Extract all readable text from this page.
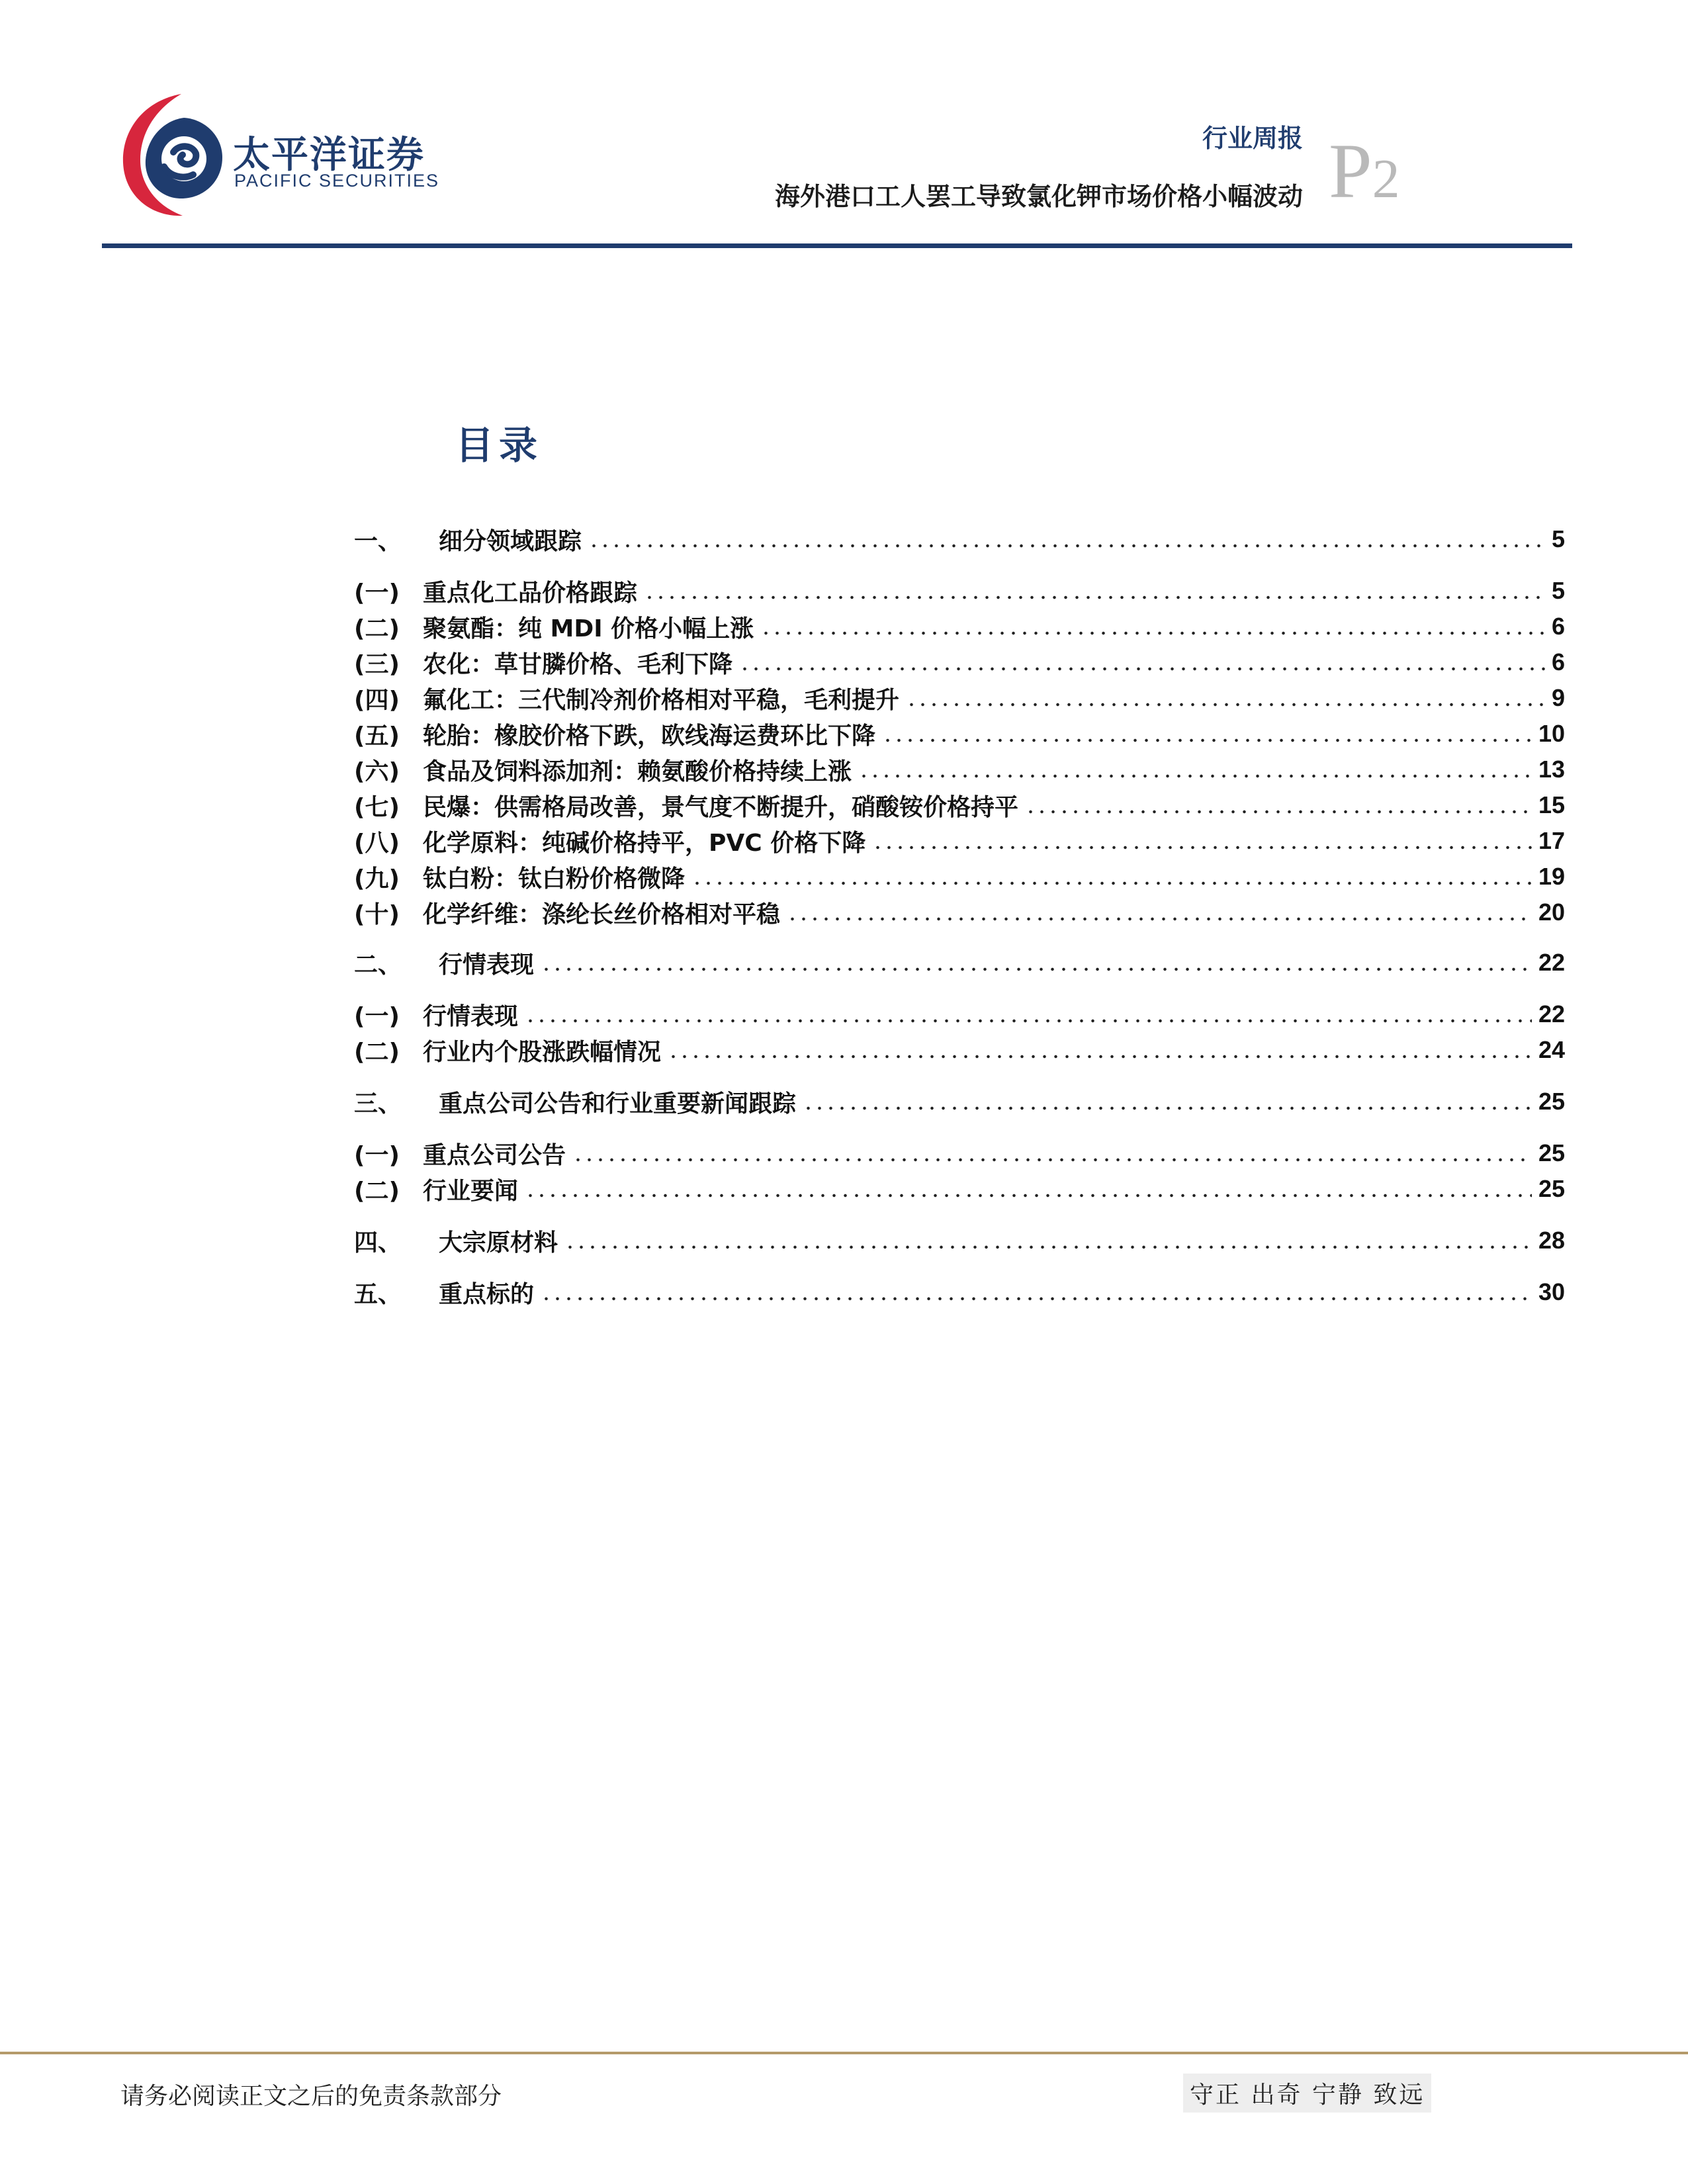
太平洋证券
PACIFIC SECURITIES
行业周报
海外港口工人罢工导致氯化钾市场价格小幅波动 P2
目录
一、	细分领域跟踪	5
(一) 重点化工品价格跟踪	5
(二) 聚氨酯：纯 MDI 价格小幅上涨	6
(三) 农化：草甘膦价格、毛利下降	6
(四) 氟化工：三代制冷剂价格相对平稳，毛利提升	9
(五) 轮胎：橡胶价格下跌，欧线海运费环比下降	10
(六) 食品及饲料添加剂：赖氨酸价格持续上涨	13
(七) 民爆：供需格局改善，景气度不断提升，硝酸铵价格持平	15
(八) 化学原料：纯碱价格持平，PVC 价格下降	17
(九) 钛白粉：钛白粉价格微降	19
(十) 化学纤维：涤纶长丝价格相对平稳	20
二、	行情表现	22
(一) 行情表现	22
(二) 行业内个股涨跌幅情况	24
三、	重点公司公告和行业重要新闻跟踪	25
(一) 重点公司公告	25
(二) 行业要闻	25
四、	大宗原材料	28
五、	重点标的	30
请务必阅读正文之后的免责条款部分	守正 出奇 宁静 致远
